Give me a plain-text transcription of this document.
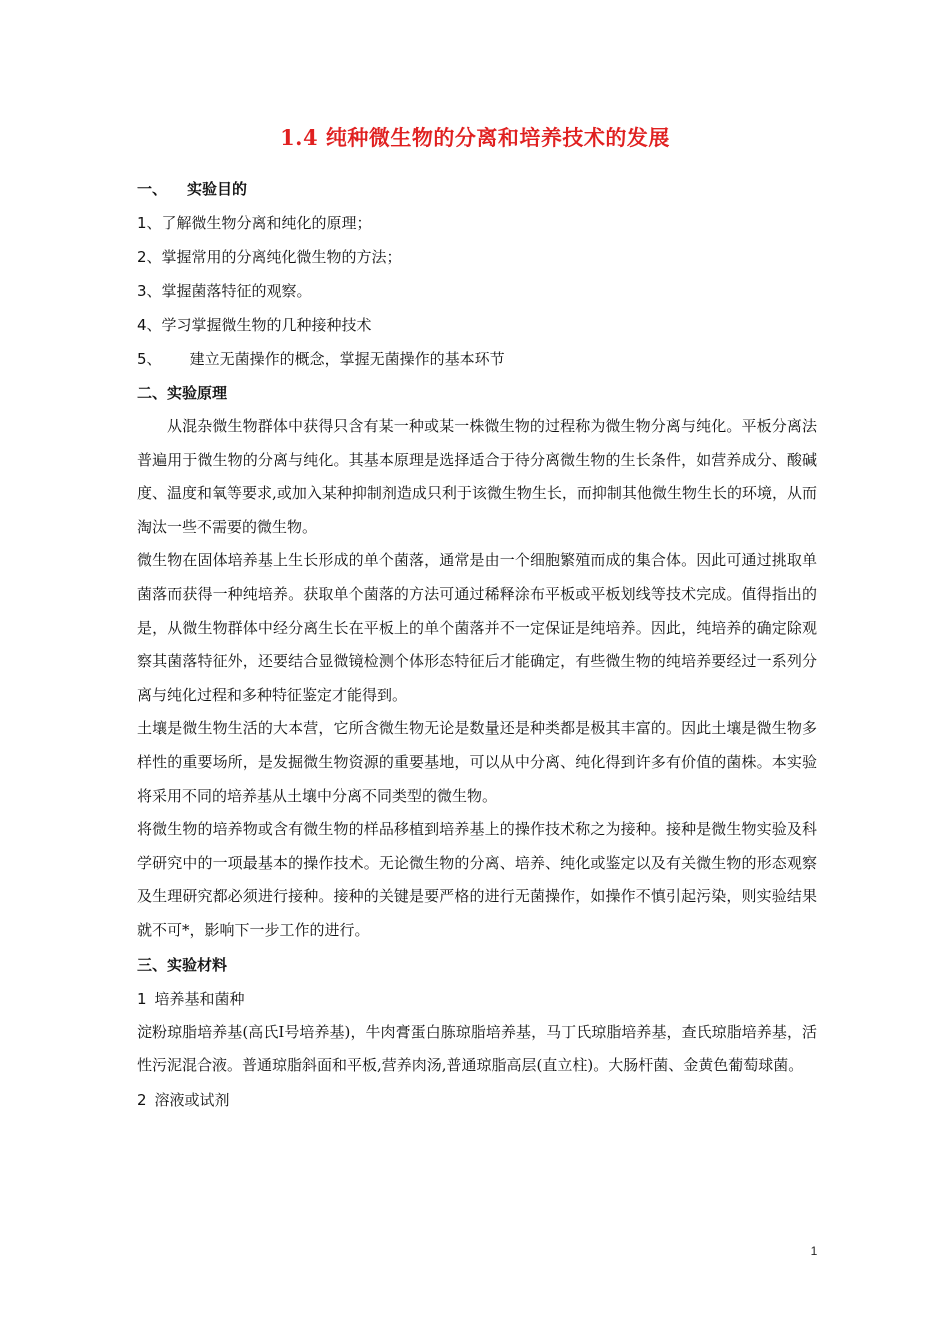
1.4 纯种微生物的分离和培养技术的发展
一、 实验目的
1、了解微生物分离和纯化的原理；
2、掌握常用的分离纯化微生物的方法；
3、掌握菌落特征的观察。
4、学习掌握微生物的几种接种技术
5、 建立无菌操作的概念，掌握无菌操作的基本环节
二、实验原理

从混杂微生物群体中获得只含有某一种或某一株微生物的过程称为微生物分离与纯化。平板分离法普遍用于微生物的分离与纯化。其基本原理是选择适合于待分离微生物的生长条件，如营养成分、酸碱度、温度和氧等要求,或加入某种抑制剂造成只利于该微生物生长，而抑制其他微生物生长的环境，从而淘汰一些不需要的微生物。

微生物在固体培养基上生长形成的单个菌落，通常是由一个细胞繁殖而成的集合体。因此可通过挑取单菌落而获得一种纯培养。获取单个菌落的方法可通过稀释涂布平板或平板划线等技术完成。值得指出的是，从微生物群体中经分离生长在平板上的单个菌落并不一定保证是纯培养。因此，纯培养的确定除观察其菌落特征外，还要结合显微镜检测个体形态特征后才能确定，有些微生物的纯培养要经过一系列分离与纯化过程和多种特征鉴定才能得到。

土壤是微生物生活的大本营，它所含微生物无论是数量还是种类都是极其丰富的。因此土壤是微生物多样性的重要场所，是发掘微生物资源的重要基地，可以从中分离、纯化得到许多有价值的菌株。本实验将采用不同的培养基从土壤中分离不同类型的微生物。

将微生物的培养物或含有微生物的样品移植到培养基上的操作技术称之为接种。接种是微生物实验及科学研究中的一项最基本的操作技术。无论微生物的分离、培养、纯化或鉴定以及有关微生物的形态观察及生理研究都必须进行接种。接种的关键是要严格的进行无菌操作，如操作不慎引起污染，则实验结果就不可*，影响下一步工作的进行。

三、实验材料
1 培养基和菌种

淀粉琼脂培养基(高氏Ⅰ号培养基)，牛肉膏蛋白胨琼脂培养基，马丁氏琼脂培养基，查氏琼脂培养基，活性污泥混合液。普通琼脂斜面和平板,营养肉汤,普通琼脂高层(直立柱)。大肠杆菌、金黄色葡萄球菌。

2 溶液或试剂
1
